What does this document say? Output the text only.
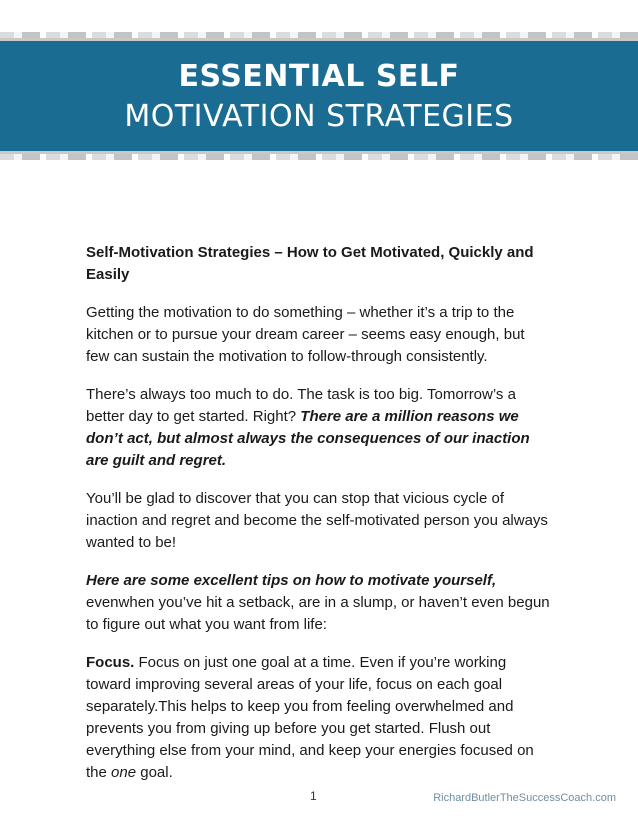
ESSENTIAL SELF
MOTIVATION STRATEGIES

Self-Motivation Strategies – How to Get Motivated, Quickly and Easily

Getting the motivation to do something – whether it’s a trip to the kitchen or to pursue your dream career – seems easy enough, but few can sustain the motivation to follow-through consistently.

There’s always too much to do. The task is too big. Tomorrow’s a better day to get started. Right? There are a million reasons we don’t act, but almost always the consequences of our inaction are guilt and regret.

You’ll be glad to discover that you can stop that vicious cycle of inaction and regret and become the self-motivated person you always wanted to be!

Here are some excellent tips on how to motivate yourself, evenwhen you’ve hit a setback, are in a slump, or haven’t even begun to figure out what you want from life:

Focus. Focus on just one goal at a time. Even if you’re working toward improving several areas of your life, focus on each goal separately.This helps to keep you from feeling overwhelmed and prevents you from giving up before you get started. Flush out everything else from your mind, and keep your energies focused on the one goal.

1	RichardButlerTheSuccessCoach.com
